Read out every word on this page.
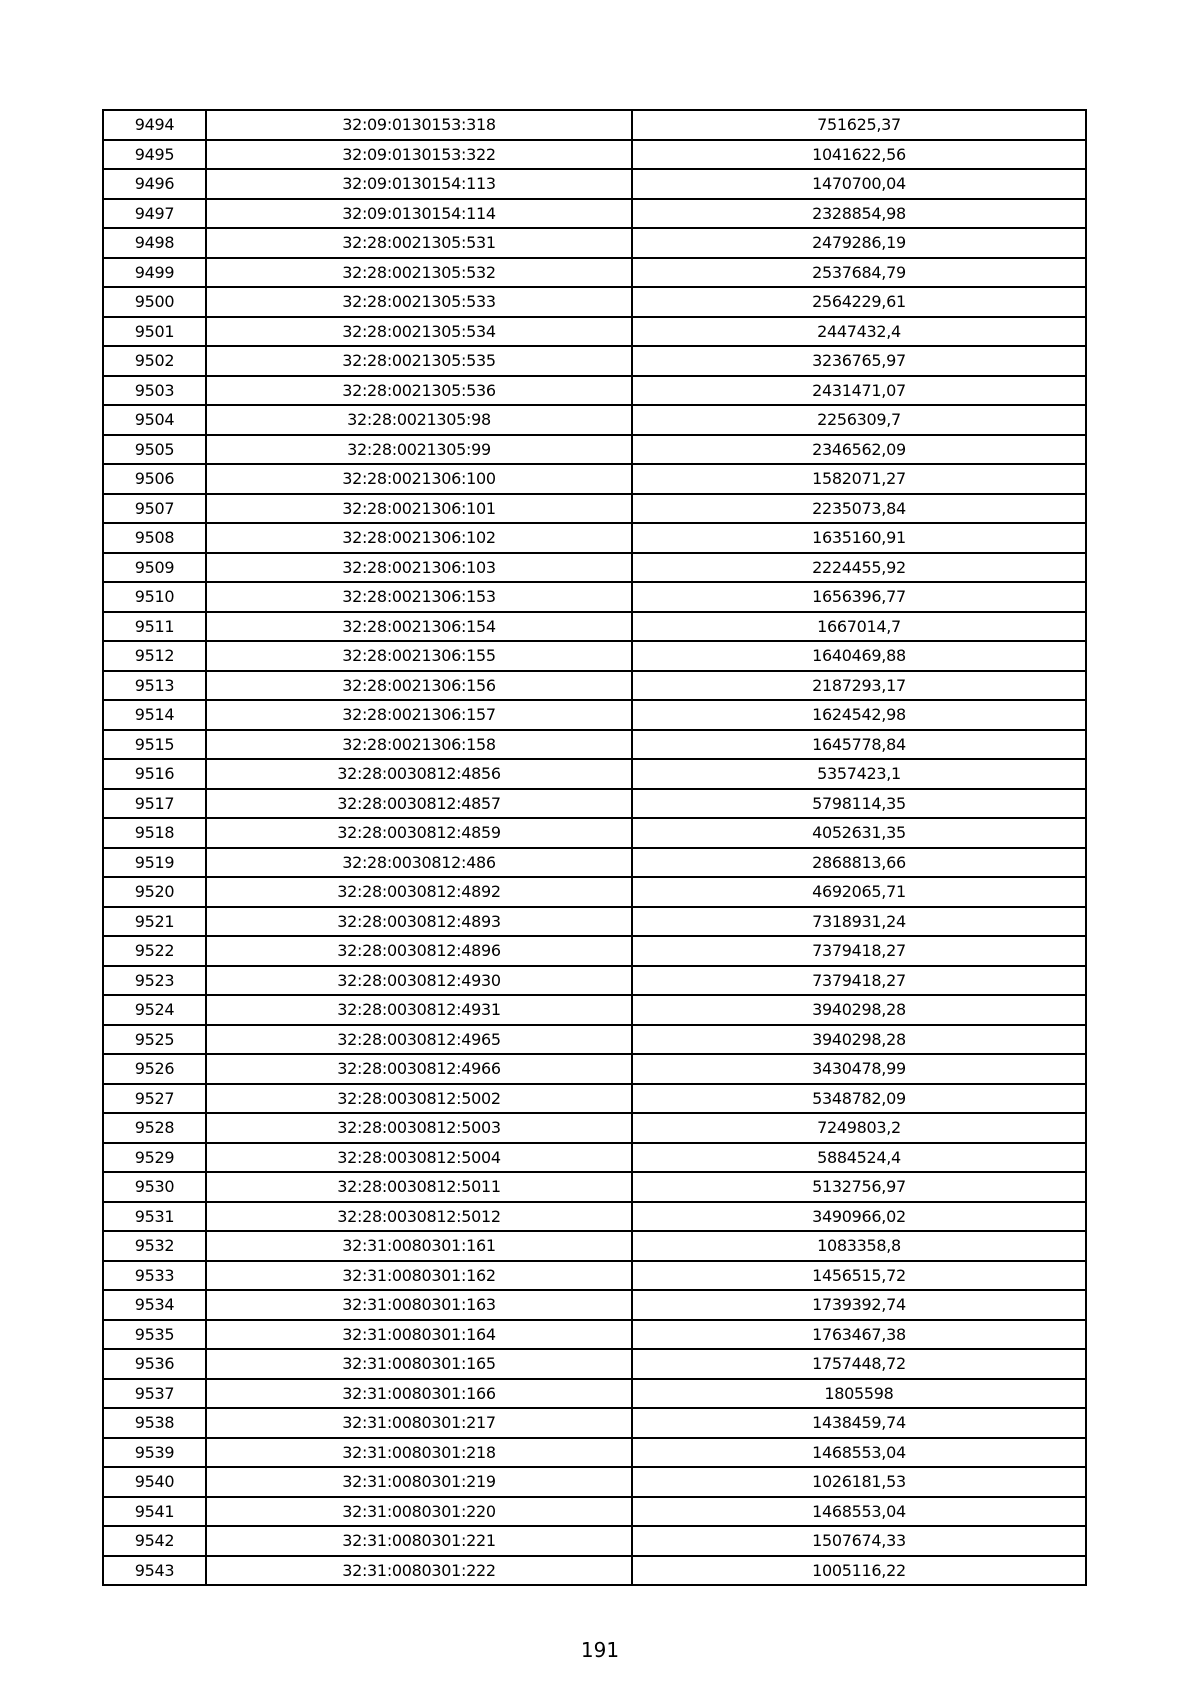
9494	32:09:0130153:318	751625,37
9495	32:09:0130153:322	1041622,56
9496	32:09:0130154:113	1470700,04
9497	32:09:0130154:114	2328854,98
9498	32:28:0021305:531	2479286,19
9499	32:28:0021305:532	2537684,79
9500	32:28:0021305:533	2564229,61
9501	32:28:0021305:534	2447432,4
9502	32:28:0021305:535	3236765,97
9503	32:28:0021305:536	2431471,07
9504	32:28:0021305:98	2256309,7
9505	32:28:0021305:99	2346562,09
9506	32:28:0021306:100	1582071,27
9507	32:28:0021306:101	2235073,84
9508	32:28:0021306:102	1635160,91
9509	32:28:0021306:103	2224455,92
9510	32:28:0021306:153	1656396,77
9511	32:28:0021306:154	1667014,7
9512	32:28:0021306:155	1640469,88
9513	32:28:0021306:156	2187293,17
9514	32:28:0021306:157	1624542,98
9515	32:28:0021306:158	1645778,84
9516	32:28:0030812:4856	5357423,1
9517	32:28:0030812:4857	5798114,35
9518	32:28:0030812:4859	4052631,35
9519	32:28:0030812:486	2868813,66
9520	32:28:0030812:4892	4692065,71
9521	32:28:0030812:4893	7318931,24
9522	32:28:0030812:4896	7379418,27
9523	32:28:0030812:4930	7379418,27
9524	32:28:0030812:4931	3940298,28
9525	32:28:0030812:4965	3940298,28
9526	32:28:0030812:4966	3430478,99
9527	32:28:0030812:5002	5348782,09
9528	32:28:0030812:5003	7249803,2
9529	32:28:0030812:5004	5884524,4
9530	32:28:0030812:5011	5132756,97
9531	32:28:0030812:5012	3490966,02
9532	32:31:0080301:161	1083358,8
9533	32:31:0080301:162	1456515,72
9534	32:31:0080301:163	1739392,74
9535	32:31:0080301:164	1763467,38
9536	32:31:0080301:165	1757448,72
9537	32:31:0080301:166	1805598
9538	32:31:0080301:217	1438459,74
9539	32:31:0080301:218	1468553,04
9540	32:31:0080301:219	1026181,53
9541	32:31:0080301:220	1468553,04
9542	32:31:0080301:221	1507674,33
9543	32:31:0080301:222	1005116,22
191
